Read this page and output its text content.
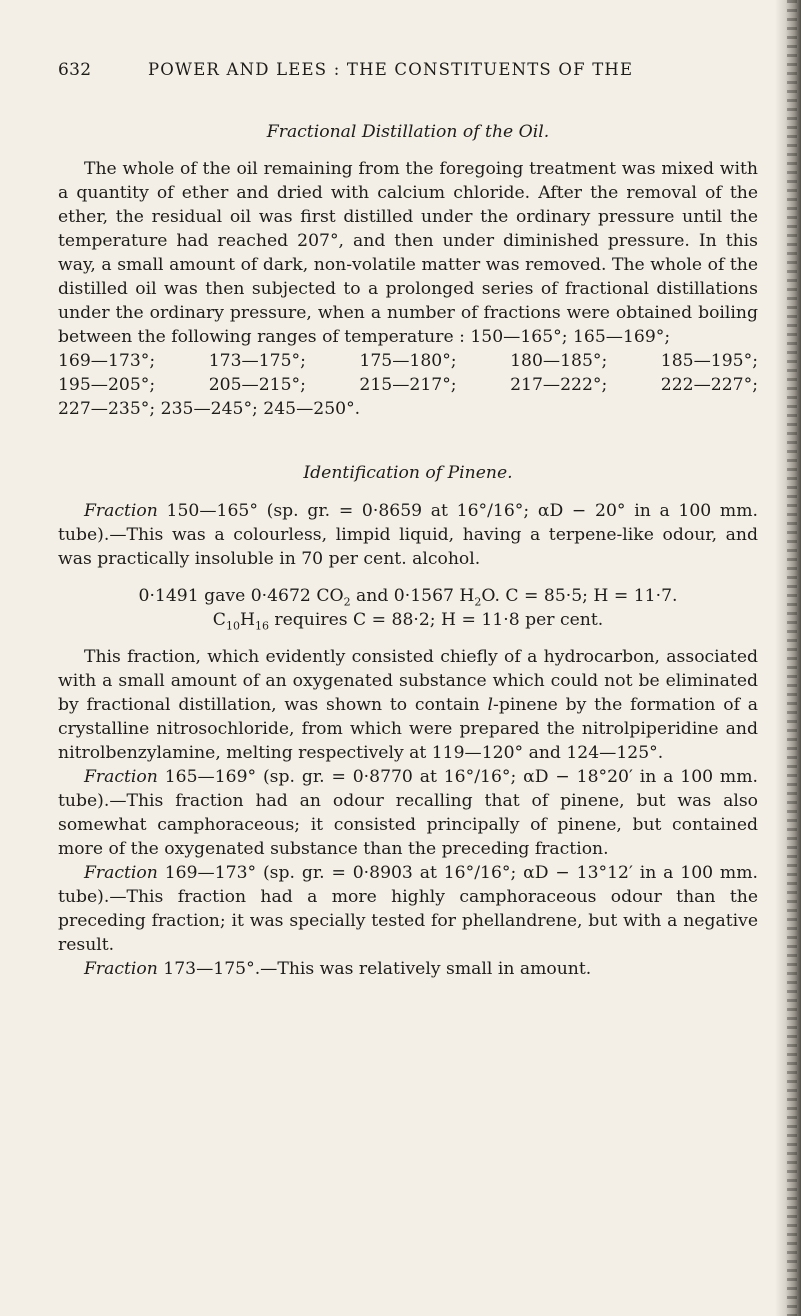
632	POWER AND LEES : THE CONSTITUENTS OF THE
Fractional Distillation of the Oil.

The whole of the oil remaining from the foregoing treatment was mixed with a quantity of ether and dried with calcium chloride. After the removal of the ether, the residual oil was first distilled under the ordinary pressure until the temperature had reached 207°, and then under diminished pressure. In this way, a small amount of dark, non-volatile matter was removed. The whole of the distilled oil was then subjected to a prolonged series of fractional distillations under the ordinary pressure, when a number of fractions were obtained boiling between the following ranges of temperature : 150—165°; 165—169°;

169—173°; 173—175°; 175—180°; 180—185°; 185—195°;

195—205°; 205—215°; 215—217°; 217—222°; 222—227°;

227—235°; 235—245°; 245—250°.

Identification of Pinene.

Fraction 150—165° (sp. gr. = 0·8659 at 16°/16°; αD − 20° in a 100 mm. tube).—This was a colourless, limpid liquid, having a terpene-like odour, and was practically insoluble in 70 per cent. alcohol.

0·1491 gave 0·4672 $CO_2$ and 0·1567 $H_2O$. C = 85·5; H = 11·7.

$C_{10}H_{16}$ requires C = 88·2; H = 11·8 per cent.

This fraction, which evidently consisted chiefly of a hydrocarbon, associated with a small amount of an oxygenated substance which could not be eliminated by fractional distillation, was shown to contain l-pinene by the formation of a crystalline nitrosochloride, from which were prepared the nitrolpiperidine and nitrolbenzylamine, melting respectively at 119—120° and 124—125°.

Fraction 165—169° (sp. gr. = 0·8770 at 16°/16°; αD − 18°20′ in a 100 mm. tube).—This fraction had an odour recalling that of pinene, but was also somewhat camphoraceous; it consisted principally of pinene, but contained more of the oxygenated substance than the preceding fraction.

Fraction 169—173° (sp. gr. = 0·8903 at 16°/16°; αD − 13°12′ in a 100 mm. tube).—This fraction had a more highly camphoraceous odour than the preceding fraction; it was specially tested for phellandrene, but with a negative result.

Fraction 173—175°.—This was relatively small in amount.
